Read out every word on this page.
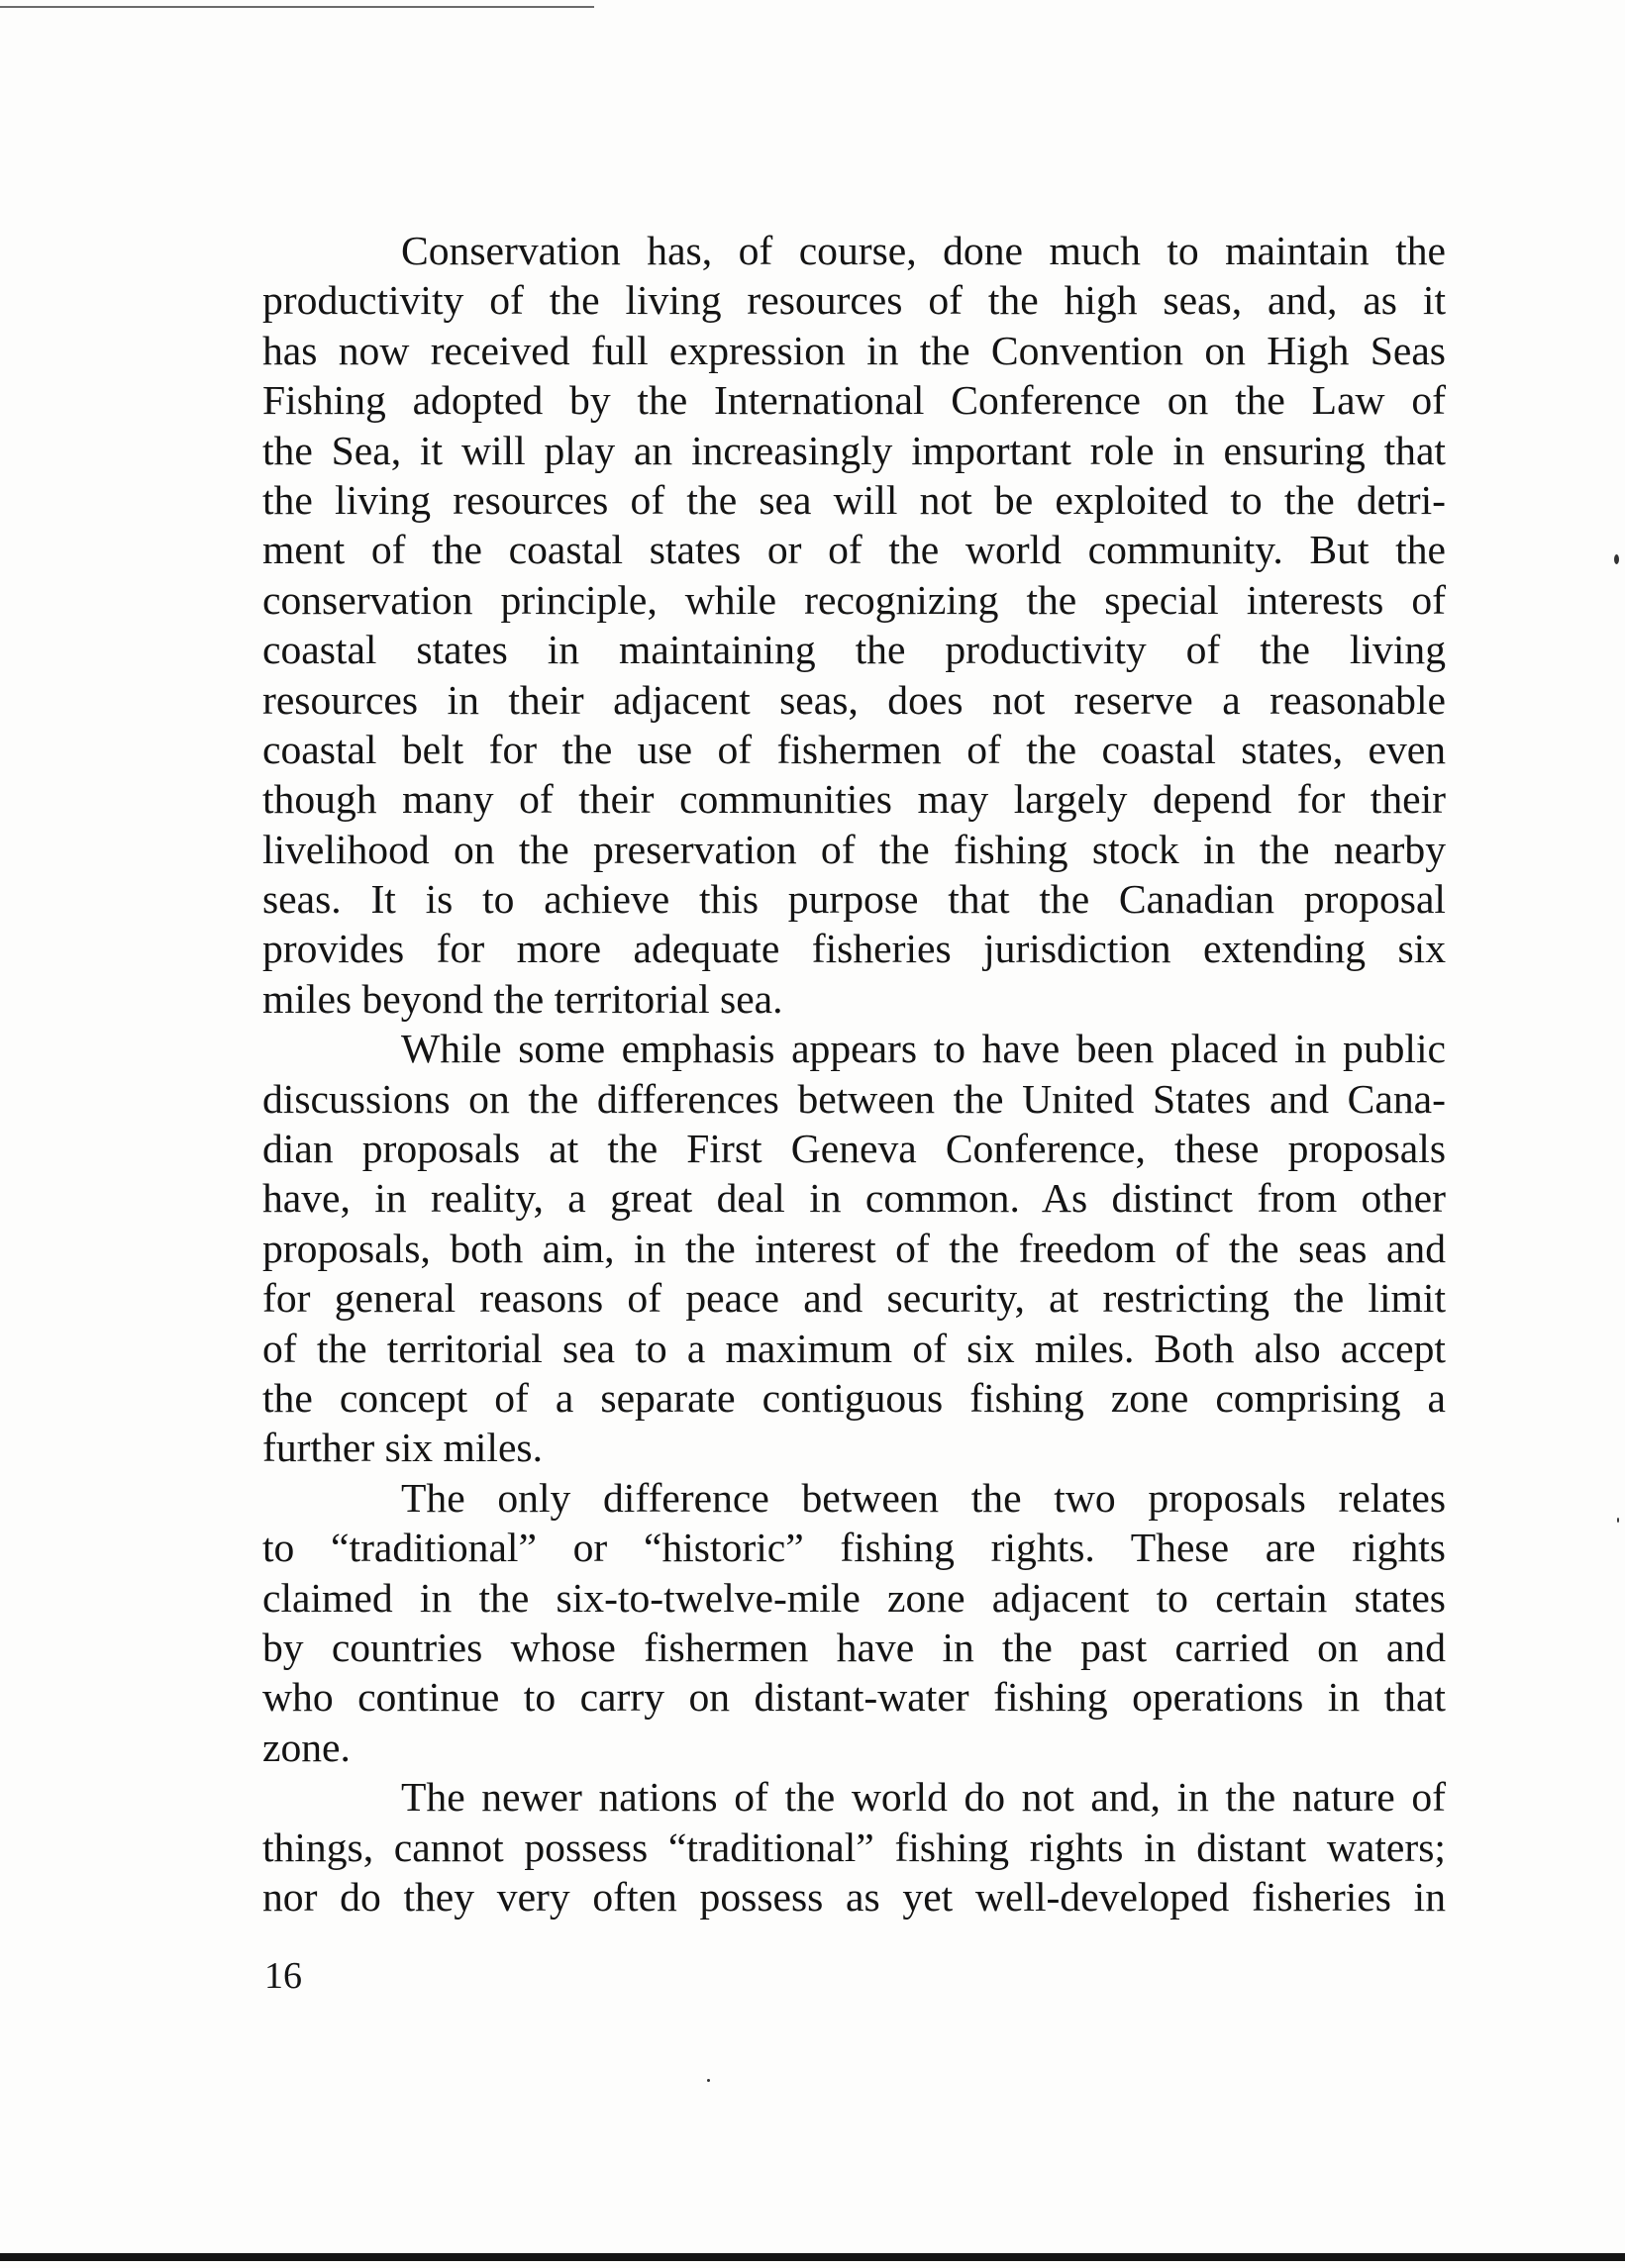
Conservation has, of course, done much to maintain the
productivity of the living resources of the high seas, and, as it
has now received full expression in the Convention on High Seas
Fishing adopted by the International Conference on the Law of
the Sea, it will play an increasingly important role in ensuring that
the living resources of the sea will not be exploited to the detri-
ment of the coastal states or of the world community. But the
conservation principle, while recognizing the special interests of
coastal states in maintaining the productivity of the living
resources in their adjacent seas, does not reserve a reasonable
coastal belt for the use of fishermen of the coastal states, even
though many of their communities may largely depend for their
livelihood on the preservation of the fishing stock in the nearby
seas. It is to achieve this purpose that the Canadian proposal
provides for more adequate fisheries jurisdiction extending six
miles beyond the territorial sea.
While some emphasis appears to have been placed in public
discussions on the differences between the United States and Cana-
dian proposals at the First Geneva Conference, these proposals
have, in reality, a great deal in common. As distinct from other
proposals, both aim, in the interest of the freedom of the seas and
for general reasons of peace and security, at restricting the limit
of the territorial sea to a maximum of six miles. Both also accept
the concept of a separate contiguous fishing zone comprising a
further six miles.
The only difference between the two proposals relates
to “traditional” or “historic” fishing rights. These are rights
claimed in the six-to-twelve-mile zone adjacent to certain states
by countries whose fishermen have in the past carried on and
who continue to carry on distant-water fishing operations in that
zone.
The newer nations of the world do not and, in the nature of
things, cannot possess “traditional” fishing rights in distant waters;
nor do they very often possess as yet well-developed fisheries in
16
